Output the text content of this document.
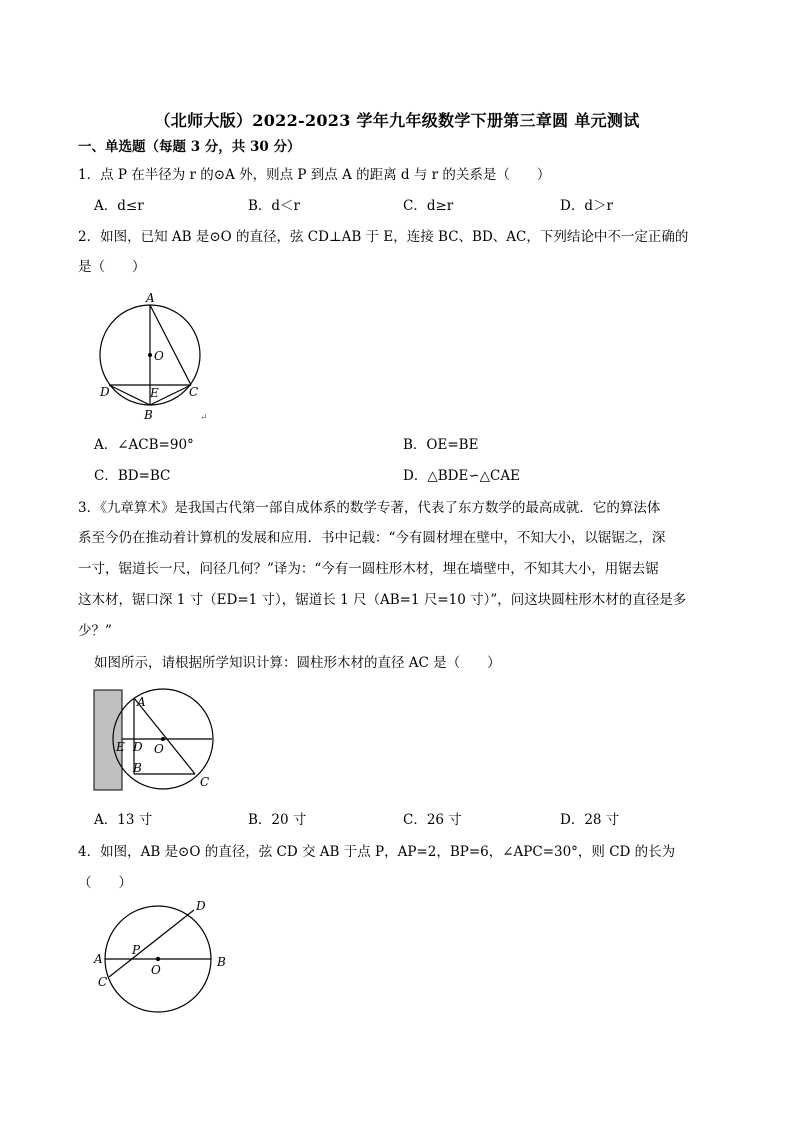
（北师大版）2022-2023 学年九年级数学下册第三章圆 单元测试
一、单选题（每题 3 分，共 30 分）
1．点 P 在半径为 r 的⊙A 外，则点 P 到点 A 的距离 d 与 r 的关系是（　　）
A．d≤r	B．d＜r	C．d≥r	D．d＞r
2．如图，已知 AB 是⊙O 的直径，弦 CD⊥AB 于 E，连接 BC、BD、AC，下列结论中不一定正确的
是（　　）
A
O
D	E	C
B	↵
A．∠ACB=90°	B．OE=BE
C．BD=BC	D．△BDE∽△CAE
3．《九章算术》是我国古代第一部自成体系的数学专著，代表了东方数学的最高成就．它的算法体
系至今仍在推动着计算机的发展和应用．书中记载：“今有圆材埋在壁中，不知大小，以锯锯之，深
一寸，锯道长一尺，问径几何？”译为：“今有一圆柱形木材，埋在墙壁中，不知其大小，用锯去锯
这木材，锯口深 1 寸（ED=1 寸），锯道长 1 尺（AB=1 尺=10 寸）”，问这块圆柱形木材的直径是多
少？”
如图所示，请根据所学知识计算：圆柱形木材的直径 AC 是（　　）
A
E D O
B
C
A．13 寸	B．20 寸	C．26 寸	D．28 寸
4．如图，AB 是⊙O 的直径，弦 CD 交 AB 于点 P，AP=2，BP=6，∠APC=30°，则 CD 的长为
（　　）
D
P
A
O
B
C
